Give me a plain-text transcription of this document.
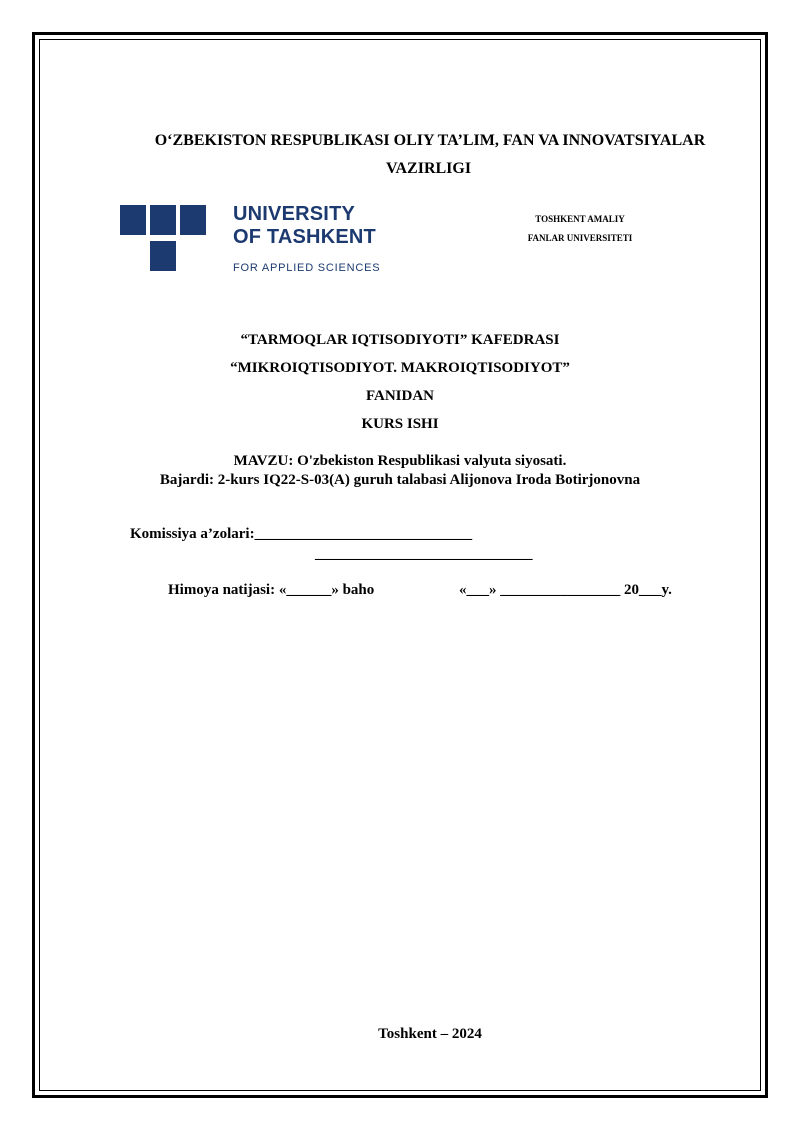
O‘ZBEKISTON RESPUBLIKASI OLIY TA’LIM, FAN VA INNOVATSIYALAR
VAZIRLIGI
UNIVERSITY
OF TASHKENT
FOR APPLIED SCIENCES
TOSHKENT AMALIY
FANLAR UNIVERSITETI
“TARMOQLAR IQTISODIYOTI” KAFEDRASI
“MIKROIQTISODIYOT. MAKROIQTISODIYOT”
FANIDAN
KURS ISHI
MAVZU: O'zbekiston Respublikasi valyuta siyosati.
Bajardi: 2-kurs IQ22-S-03(A) guruh talabasi Alijonova Iroda Botirjonovna
Komissiya a’zolari:_____________________________
_____________________________
Himoya natijasi: «______» baho	«___» ________________ 20___y.
Toshkent – 2024
